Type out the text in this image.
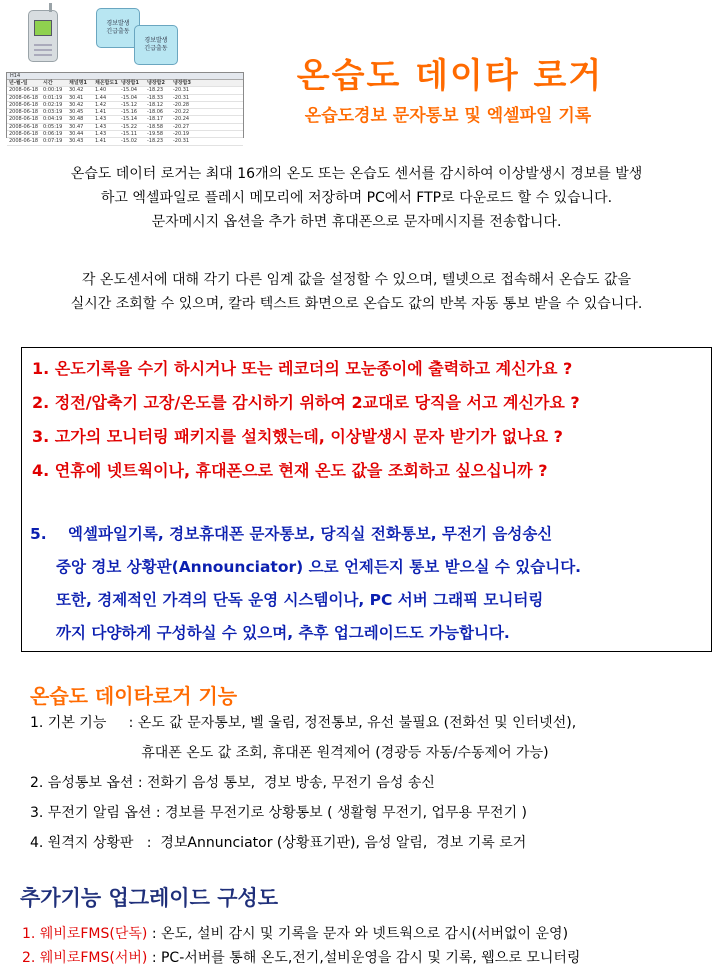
경보발생
긴급출동
경보발생
긴급출동
H14
년-월-일	시간	채널명1 채온합도1 냉장합1 냉장합2 냉장합3
2008-06-18 0:00:19 30.42 1.40	-15.04 -18.23 -20.31
2008-06-18 0:01:19 30.41 1.44	-15.04 -18.33 -20.31
2008-06-18 0:02:19 30.42 1.42	-15.12 -18.12 -20.28
2008-06-18 0:03:19 30.45 1.41	-15.16 -18.06 -20.22
2008-06-18 0:04:19 30.48 1.43	-15.14 -18.17 -20.24
2008-06-18 0:05:19 30.47 1.43	-15.22 -18.58 -20.27
2008-06-18 0:06:19 30.44 1.43	-15.11 -19.58 -20.19
2008-06-18 0:07:19 30.43 1.41	-15.02 -18.23 -20.31
온습도 데이타 로거
온습도경보 문자통보 및 엑셀파일 기록
온습도 데이터 로거는 최대 16개의 온도 또는 온습도 센서를 감시하여 이상발생시 경보를 발생
하고 엑셀파일로 플레시 메모리에 저장하며 PC에서 FTP로 다운로드 할 수 있습니다.
문자메시지 옵션을 추가 하면 휴대폰으로 문자메시지를 전송합니다.
각 온도센서에 대해 각기 다른 임계 값을 설정할 수 있으며, 텔넷으로 접속해서 온습도 값을
실시간 조회할 수 있으며, 칼라 텍스트 화면으로 온습도 값의 반복 자동 통보 받을 수 있습니다.
1. 온도기록을 수기 하시거나 또는 레코더의 모눈종이에 출력하고 계신가요 ?
2. 정전/압축기 고장/온도를 감시하기 위하여 2교대로 당직을 서고 계신가요 ?
3. 고가의 모니터링 패키지를 설치했는데, 이상발생시 문자 받기가 없나요 ?
4. 연휴에 넷트웍이나, 휴대폰으로 현재 온도 값을 조회하고 싶으십니까 ?
5. 엑셀파일기록, 경보휴대폰 문자통보, 당직실 전화통보, 무전기 음성송신
중앙 경보 상황판(Announciator) 으로 언제든지 통보 받으실 수 있습니다.
또한, 경제적인 가격의 단독 운영 시스템이나, PC 서버 그래픽 모니터링
까지 다양하게 구성하실 수 있으며, 추후 업그레이드도 가능합니다.
온습도 데이타로거 기능
1. 기본 기능     : 온도 값 문자통보, 벨 울림, 정전통보, 유선 불필요 (전화선 및 인터넷선),
휴대폰 온도 값 조회, 휴대폰 원격제어 (경광등 자동/수동제어 가능)
2. 음성통보 옵션 : 전화기 음성 통보,  경보 방송, 무전기 음성 송신
3. 무전기 알림 옵션 : 경보를 무전기로 상황통보 ( 생활형 무전기, 업무용 무전기 )
4. 원격지 상황판   :  경보Annunciator (상황표기판), 음성 알림,  경보 기록 로거
추가기능 업그레이드 구성도
1. 웨비로FMS(단독) : 온도, 설비 감시 및 기록을 문자 와 넷트웍으로 감시(서버없이 운영)
2. 웨비로FMS(서버) : PC-서버를 통해 온도,전기,설비운영을 감시 및 기록, 웹으로 모니터링
